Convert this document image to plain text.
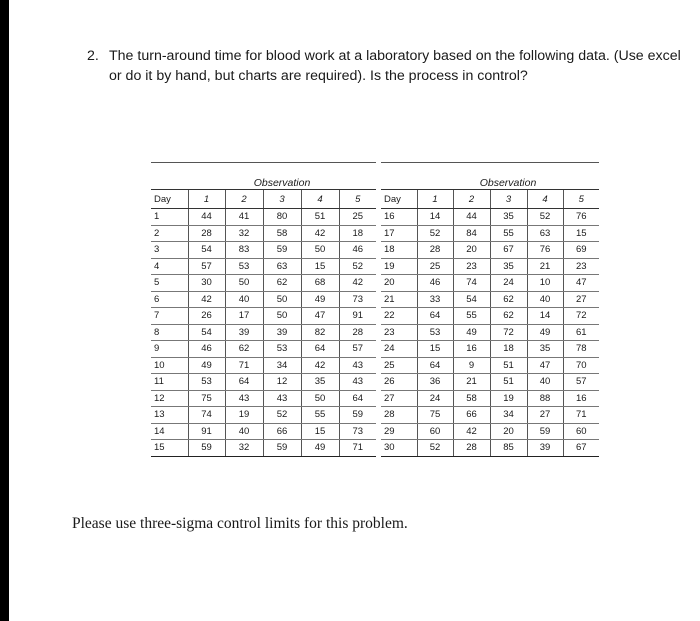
2. The turn-around time for blood work at a laboratory based on the following data. (Use excel or do it by hand, but charts are required). Is the process in control?

	Observation				
Day	1	2	3	4	5
1	44	41	80	51	25
2	28	32	58	42	18
3	54	83	59	50	46
4	57	53	63	15	52
5	30	50	62	68	42
6	42	40	50	49	73
7	26	17	50	47	91
8	54	39	39	82	28
9	46	62	53	64	57
10	49	71	34	42	43
11	53	64	12	35	43
12	75	43	43	50	64
13	74	19	52	55	59
14	91	40	66	15	73
15	59	32	59	49	71

	Observation				
Day	1	2	3	4	5
16	14	44	35	52	76
17	52	84	55	63	15
18	28	20	67	76	69
19	25	23	35	21	23
20	46	74	24	10	47
21	33	54	62	40	27
22	64	55	62	14	72
23	53	49	72	49	61
24	15	16	18	35	78
25	64	9	51	47	70
26	36	21	51	40	57
27	24	58	19	88	16
28	75	66	34	27	71
29	60	42	20	59	60
30	52	28	85	39	67
Please use three-sigma control limits for this problem.
